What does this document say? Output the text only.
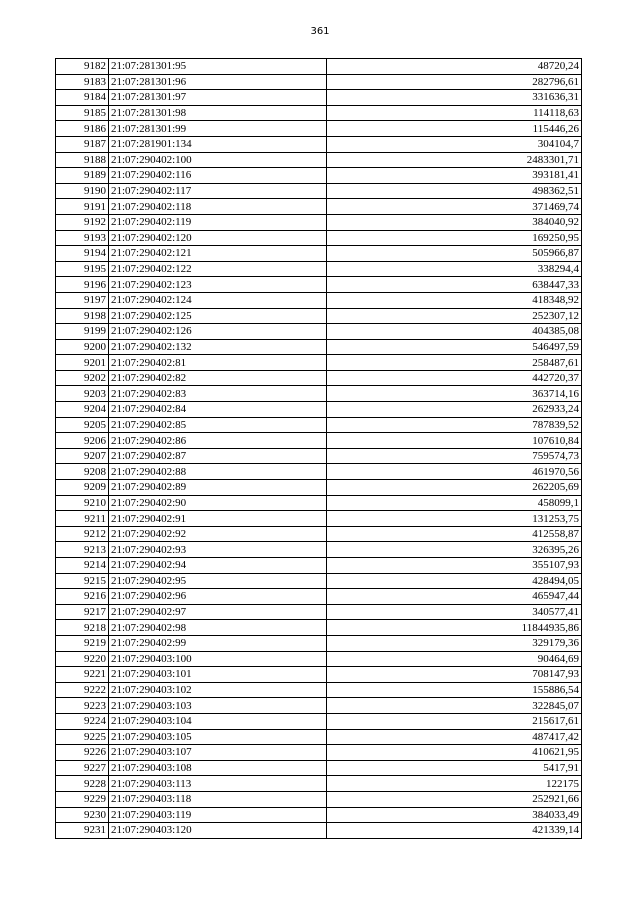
361
9182	21:07:281301:95	48720,24
9183	21:07:281301:96	282796,61
9184	21:07:281301:97	331636,31
9185	21:07:281301:98	114118,63
9186	21:07:281301:99	115446,26
9187	21:07:281901:134	304104,7
9188	21:07:290402:100	2483301,71
9189	21:07:290402:116	393181,41
9190	21:07:290402:117	498362,51
9191	21:07:290402:118	371469,74
9192	21:07:290402:119	384040,92
9193	21:07:290402:120	169250,95
9194	21:07:290402:121	505966,87
9195	21:07:290402:122	338294,4
9196	21:07:290402:123	638447,33
9197	21:07:290402:124	418348,92
9198	21:07:290402:125	252307,12
9199	21:07:290402:126	404385,08
9200	21:07:290402:132	546497,59
9201	21:07:290402:81	258487,61
9202	21:07:290402:82	442720,37
9203	21:07:290402:83	363714,16
9204	21:07:290402:84	262933,24
9205	21:07:290402:85	787839,52
9206	21:07:290402:86	107610,84
9207	21:07:290402:87	759574,73
9208	21:07:290402:88	461970,56
9209	21:07:290402:89	262205,69
9210	21:07:290402:90	458099,1
9211	21:07:290402:91	131253,75
9212	21:07:290402:92	412558,87
9213	21:07:290402:93	326395,26
9214	21:07:290402:94	355107,93
9215	21:07:290402:95	428494,05
9216	21:07:290402:96	465947,44
9217	21:07:290402:97	340577,41
9218	21:07:290402:98	11844935,86
9219	21:07:290402:99	329179,36
9220	21:07:290403:100	90464,69
9221	21:07:290403:101	708147,93
9222	21:07:290403:102	155886,54
9223	21:07:290403:103	322845,07
9224	21:07:290403:104	215617,61
9225	21:07:290403:105	487417,42
9226	21:07:290403:107	410621,95
9227	21:07:290403:108	5417,91
9228	21:07:290403:113	122175
9229	21:07:290403:118	252921,66
9230	21:07:290403:119	384033,49
9231	21:07:290403:120	421339,14
